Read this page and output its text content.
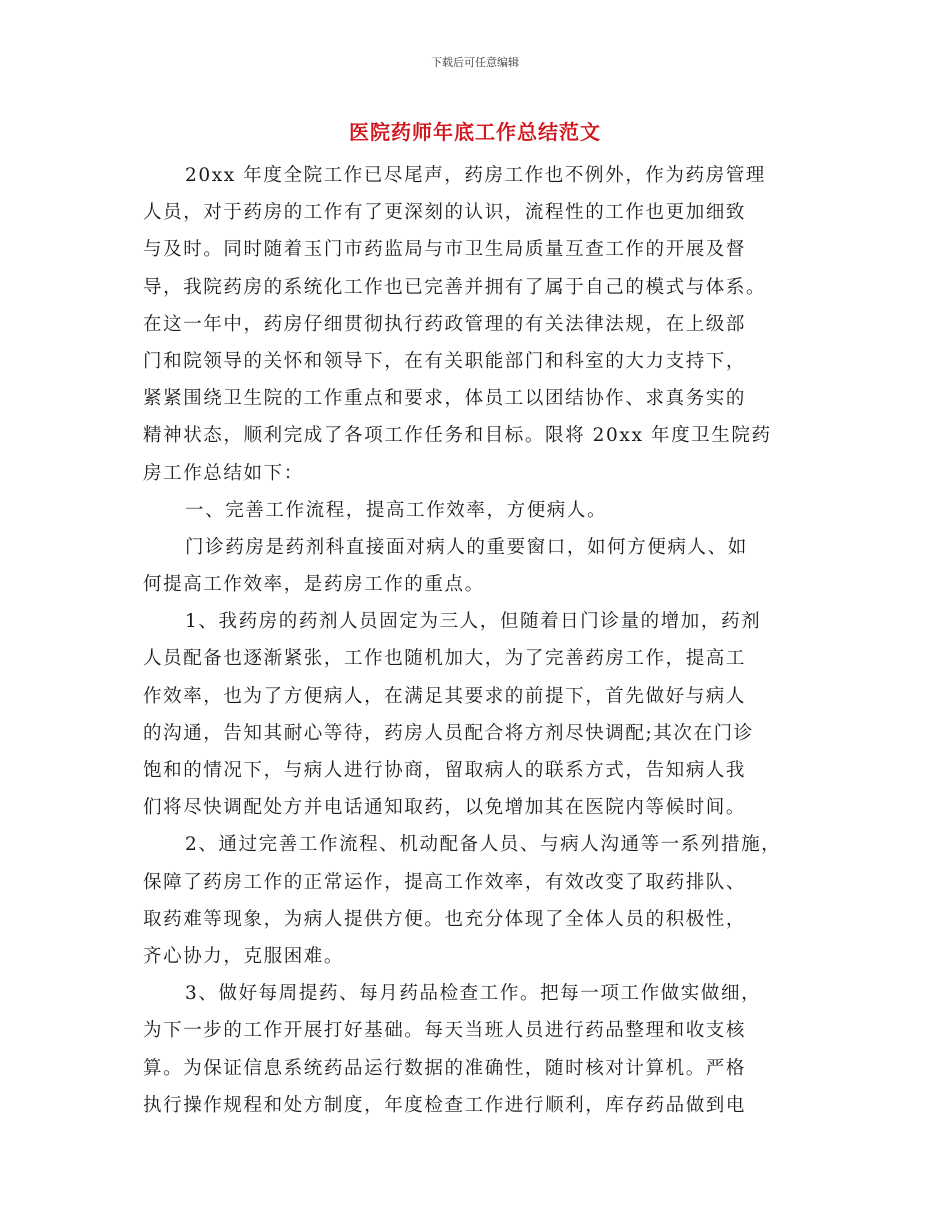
下载后可任意编辑
医院药师年底工作总结范文
20xx 年度全院工作已尽尾声，药房工作也不例外，作为药房管理
人员，对于药房的工作有了更深刻的认识，流程性的工作也更加细致
与及时。同时随着玉门市药监局与市卫生局质量互查工作的开展及督
导，我院药房的系统化工作也已完善并拥有了属于自己的模式与体系。
在这一年中，药房仔细贯彻执行药政管理的有关法律法规，在上级部
门和院领导的关怀和领导下，在有关职能部门和科室的大力支持下，
紧紧围绕卫生院的工作重点和要求，体员工以团结协作、求真务实的
精神状态，顺利完成了各项工作任务和目标。限将 20xx 年度卫生院药
房工作总结如下：
一、完善工作流程，提高工作效率，方便病人。
门诊药房是药剂科直接面对病人的重要窗口，如何方便病人、如
何提高工作效率，是药房工作的重点。
1、我药房的药剂人员固定为三人，但随着日门诊量的增加，药剂
人员配备也逐渐紧张，工作也随机加大，为了完善药房工作，提高工
作效率，也为了方便病人，在满足其要求的前提下，首先做好与病人
的沟通，告知其耐心等待，药房人员配合将方剂尽快调配;其次在门诊
饱和的情况下，与病人进行协商，留取病人的联系方式，告知病人我
们将尽快调配处方并电话通知取药，以免增加其在医院内等候时间。
2、通过完善工作流程、机动配备人员、与病人沟通等一系列措施，
保障了药房工作的正常运作，提高工作效率，有效改变了取药排队、
取药难等现象，为病人提供方便。也充分体现了全体人员的积极性，
齐心协力，克服困难。
3、做好每周提药、每月药品检查工作。把每一项工作做实做细，
为下一步的工作开展打好基础。每天当班人员进行药品整理和收支核
算。为保证信息系统药品运行数据的准确性，随时核对计算机。严格
执行操作规程和处方制度，年度检查工作进行顺利，库存药品做到电
